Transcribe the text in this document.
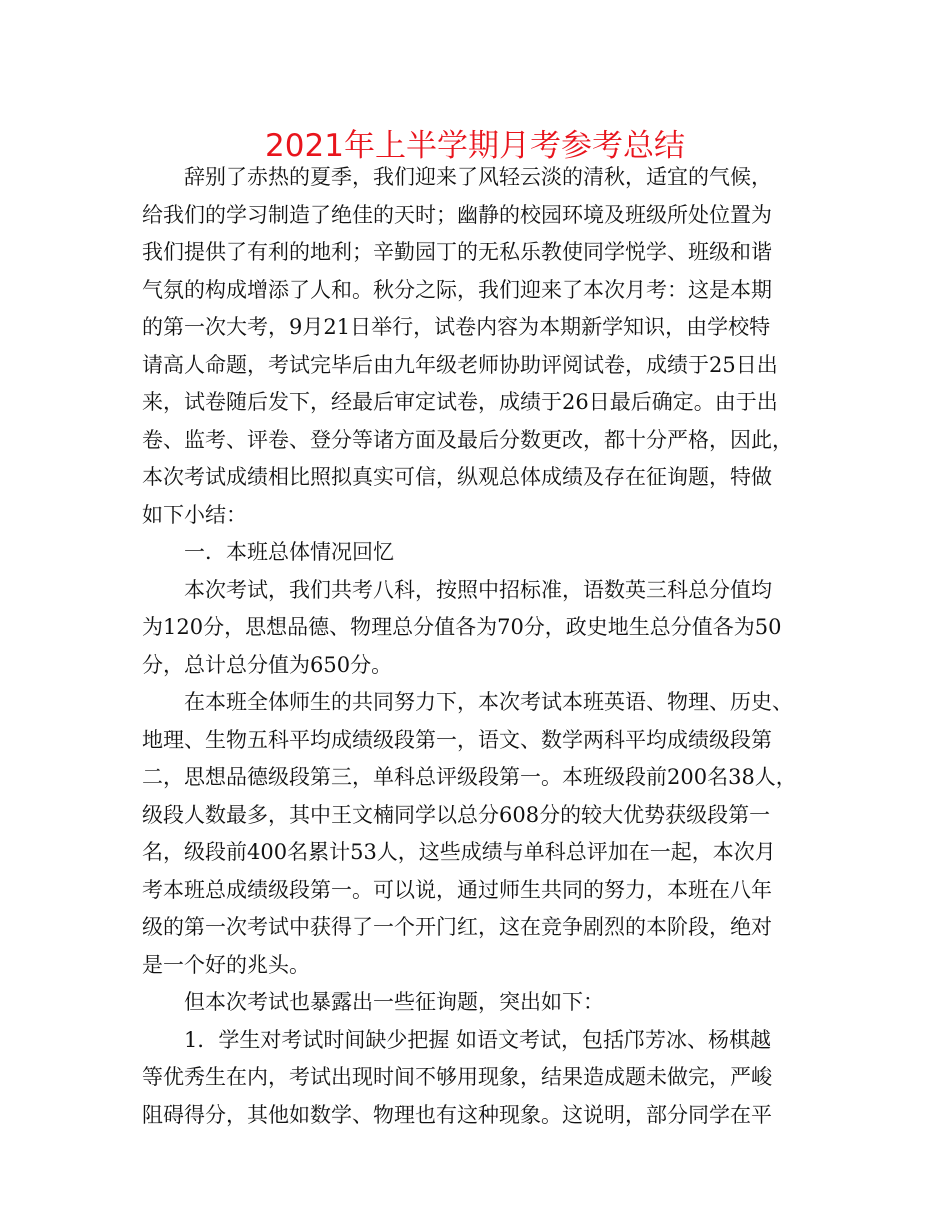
2021年上半学期月考参考总结
辞别了赤热的夏季，我们迎来了风轻云淡的清秋，适宜的气候，
给我们的学习制造了绝佳的天时；幽静的校园环境及班级所处位置为
我们提供了有利的地利；辛勤园丁的无私乐教使同学悦学、班级和谐
气氛的构成增添了人和。秋分之际，我们迎来了本次月考：这是本期
的第一次大考，9月21日举行，试卷内容为本期新学知识，由学校特
请高人命题，考试完毕后由九年级老师协助评阅试卷，成绩于25日出
来，试卷随后发下，经最后审定试卷，成绩于26日最后确定。由于出
卷、监考、评卷、登分等诸方面及最后分数更改，都十分严格，因此，
本次考试成绩相比照拟真实可信，纵观总体成绩及存在征询题，特做
如下小结：
一．本班总体情况回忆
本次考试，我们共考八科，按照中招标准，语数英三科总分值均
为120分，思想品德、物理总分值各为70分，政史地生总分值各为50
分，总计总分值为650分。
在本班全体师生的共同努力下，本次考试本班英语、物理、历史、
地理、生物五科平均成绩级段第一，语文、数学两科平均成绩级段第
二，思想品德级段第三，单科总评级段第一。本班级段前200名38人，
级段人数最多，其中王文楠同学以总分608分的较大优势获级段第一
名，级段前400名累计53人，这些成绩与单科总评加在一起，本次月
考本班总成绩级段第一。可以说，通过师生共同的努力，本班在八年
级的第一次考试中获得了一个开门红，这在竞争剧烈的本阶段，绝对
是一个好的兆头。
但本次考试也暴露出一些征询题，突出如下：
1．学生对考试时间缺少把握 如语文考试，包括邝芳冰、杨棋越
等优秀生在内，考试出现时间不够用现象，结果造成题未做完，严峻
阻碍得分，其他如数学、物理也有这种现象。这说明，部分同学在平
